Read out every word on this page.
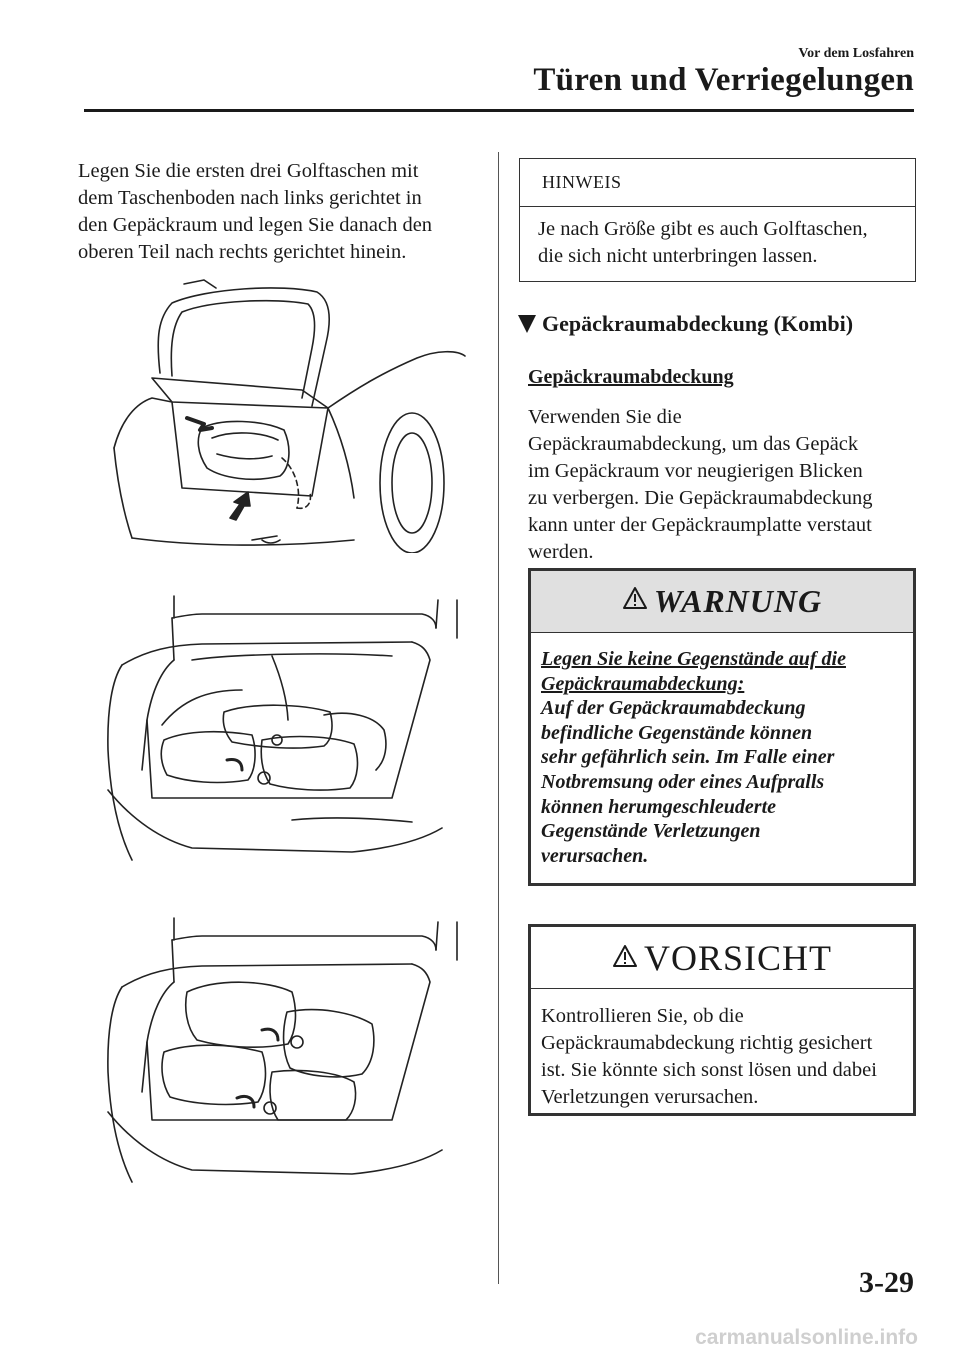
Vor dem Losfahren
Türen und Verriegelungen
Legen Sie die ersten drei Golftaschen mit
dem Taschenboden nach links gerichtet in
den Gepäckraum und legen Sie danach den
oberen Teil nach rechts gerichtet hinein.
HINWEIS
Je nach Größe gibt es auch Golftaschen,
die sich nicht unterbringen lassen.
Gepäckraumabdeckung (Kombi)
Gepäckraumabdeckung
Verwenden Sie die
Gepäckraumabdeckung, um das Gepäck
im Gepäckraum vor neugierigen Blicken
zu verbergen. Die Gepäckraumabdeckung
kann unter der Gepäckraumplatte verstaut
werden.
WARNUNG
Legen Sie keine Gegenstände auf die
Gepäckraumabdeckung:
Auf der Gepäckraumabdeckung
befindliche Gegenstände können
sehr gefährlich sein. Im Falle einer
Notbremsung oder eines Aufpralls
können herumgeschleuderte
Gegenstände Verletzungen
verursachen.
VORSICHT
Kontrollieren Sie, ob die
Gepäckraumabdeckung richtig gesichert
ist. Sie könnte sich sonst lösen und dabei
Verletzungen verursachen.
3-29
carmanualsonline.info
